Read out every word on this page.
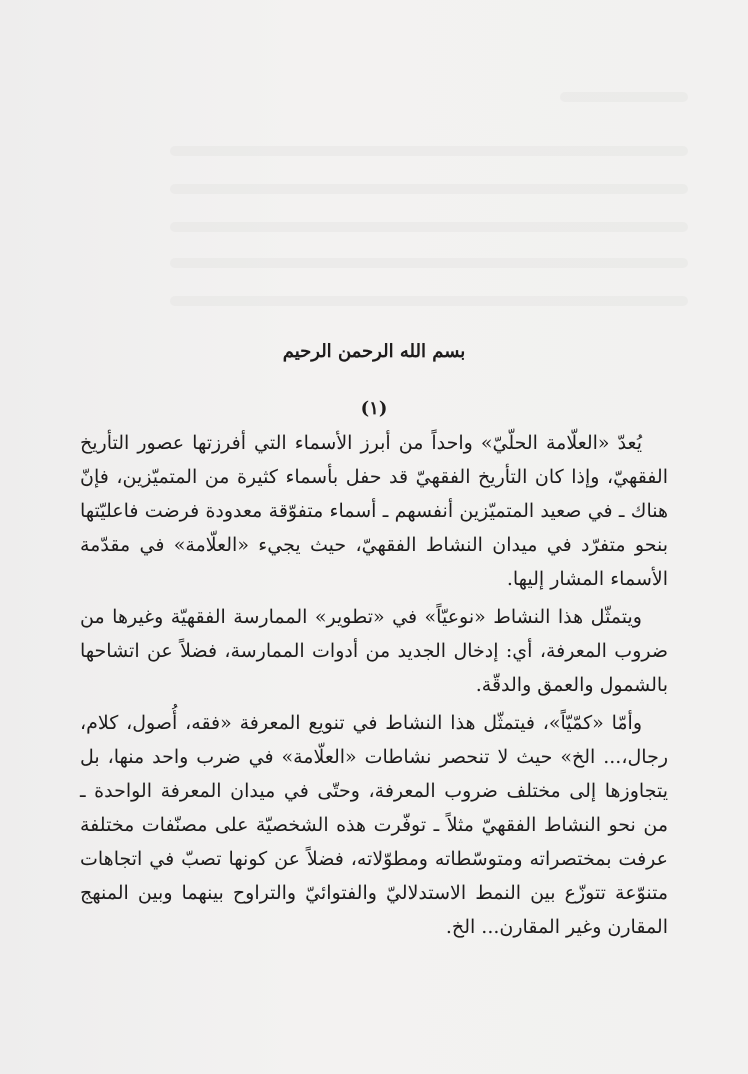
بسم الله الرحمن الرحيم
(١)

يُعدّ «العلّامة الحلّيّ» واحداً من أبرز الأسماء التي أفرزتها عصور التأريخ الفقهيّ، وإذا كان التأريخ الفقهيّ قد حفل بأسماء كثيرة من المتميّزين، فإنّ هناك ـ في صعيد المتميّزين أنفسهم ـ أسماء متفوّقة معدودة فرضت فاعليّتها بنحو متفرّد في ميدان النشاط الفقهيّ، حيث يجيء «العلّامة» في مقدّمة الأسماء المشار إليها.

ويتمثّل هذا النشاط «نوعيّاً» في «تطوير» الممارسة الفقهيّة وغيرها من ضروب المعرفة، أي: إدخال الجديد من أدوات الممارسة، فضلاً عن اتشاحها بالشمول والعمق والدقّة.

وأمّا «كمّيّاً»، فيتمثّل هذا النشاط في تنويع المعرفة «فقه، أُصول، كلام، رجال،... الخ» حيث لا تنحصر نشاطات «العلّامة» في ضرب واحد منها، بل يتجاوزها إلى مختلف ضروب المعرفة، وحتّى في ميدان المعرفة الواحدة ـ من نحو النشاط الفقهيّ مثلاً ـ توفّرت هذه الشخصيّة على مصنّفات مختلفة عرفت بمختصراته ومتوسّطاته ومطوّلاته، فضلاً عن كونها تصبّ في اتجاهات متنوّعة تتوزّع بين النمط الاستدلاليّ والفتوائيّ والتراوح بينهما وبين المنهج المقارن وغير المقارن... الخ.
